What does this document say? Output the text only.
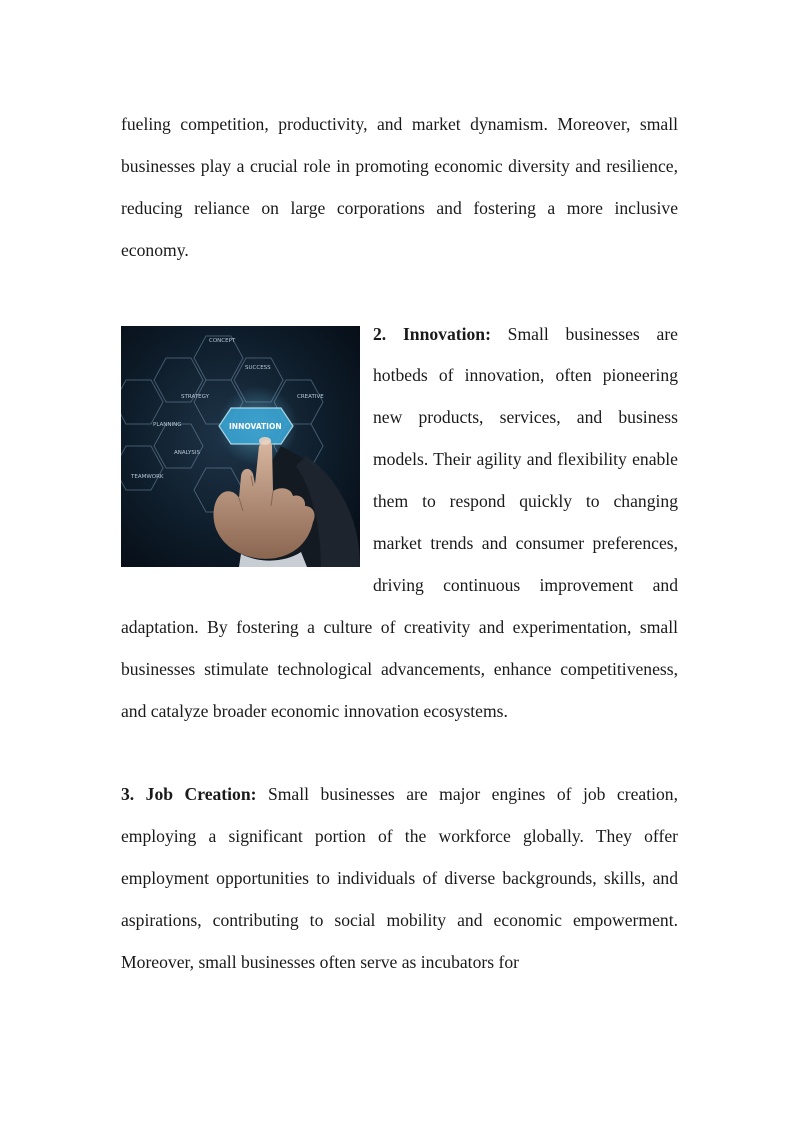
fueling competition, productivity, and market dynamism. Moreover, small businesses play a crucial role in promoting economic diversity and resilience, reducing reliance on large corporations and fostering a more inclusive economy.

CONCEPT
SUCCESS
STRATEGY	CREATIVE
PLANNING
ANALYSIS
TEAMWORK
INNOVATION
2. Innovation: Small businesses are hotbeds of innovation, often pioneering new products, services, and business models. Their agility and flexibility enable them to respond quickly to changing market trends and consumer preferences, driving continuous improvement and adaptation. By fostering a culture of creativity and experimentation, small businesses stimulate technological advancements, enhance competitiveness, and catalyze broader economic innovation ecosystems.

3. Job Creation: Small businesses are major engines of job creation, employing a significant portion of the workforce globally. They offer employment opportunities to individuals of diverse backgrounds, skills, and aspirations, contributing to social mobility and economic empowerment. Moreover, small businesses often serve as incubators for
